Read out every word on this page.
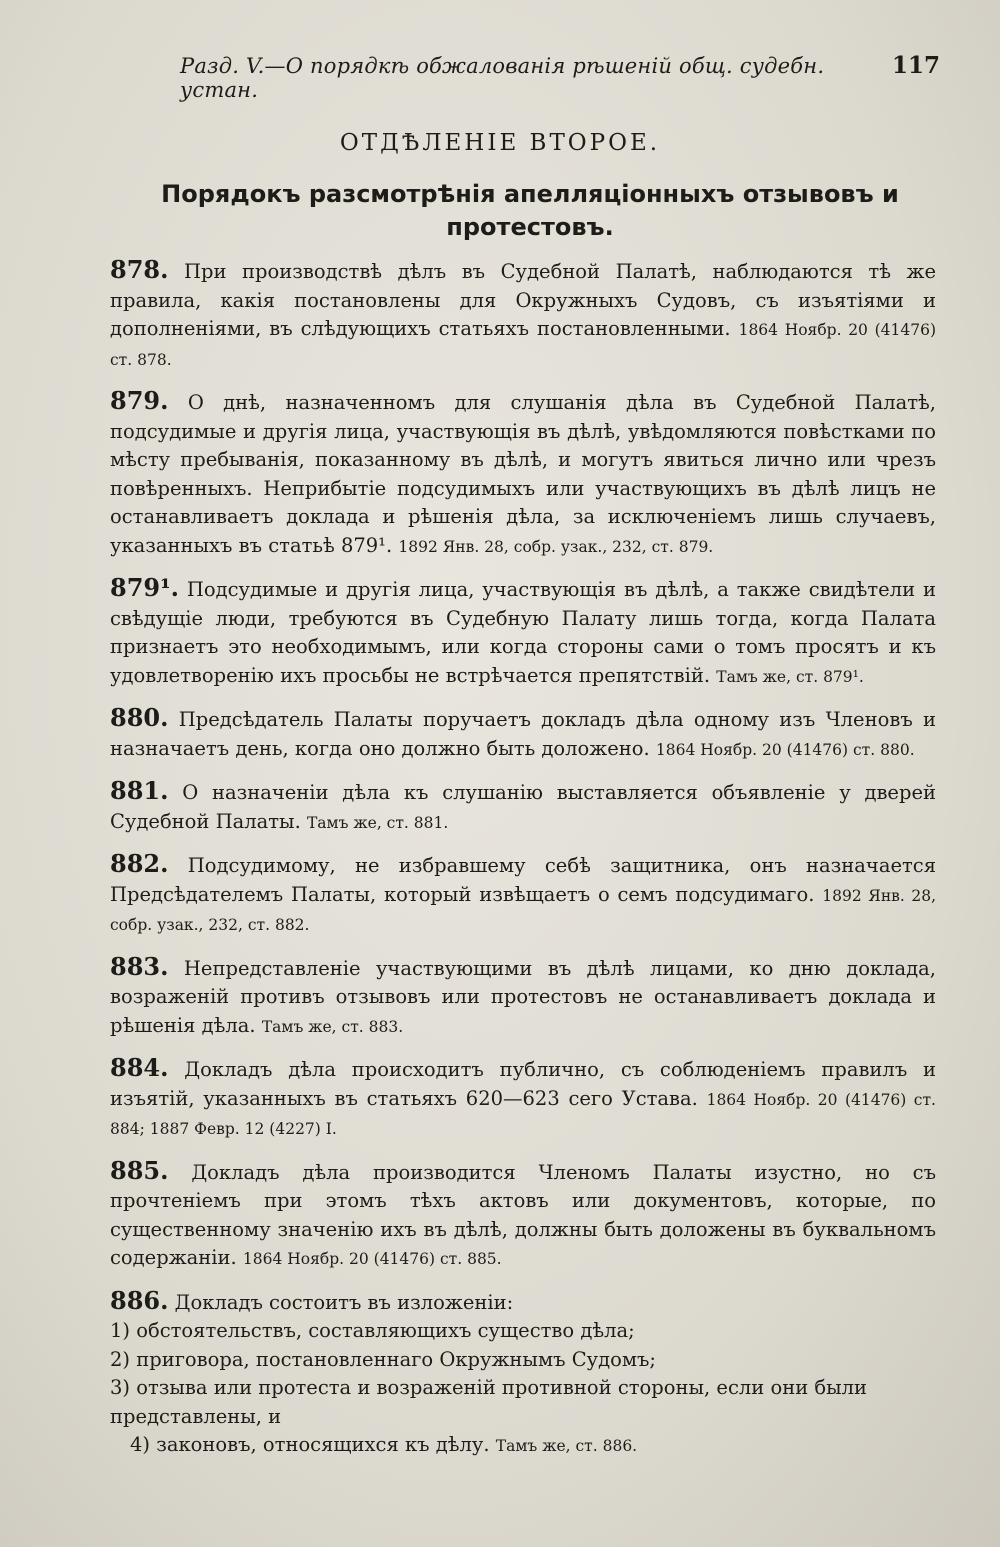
Разд. V.—О порядкѣ обжалованія рѣшеній общ. судебн. устан.
117
ОТДѢЛЕНІЕ ВТОРОЕ.
Порядокъ разсмотрѣнія апелляціонныхъ отзывовъ и
протестовъ.

878. При производствѣ дѣлъ въ Судебной Палатѣ, наблюдаются тѣ же правила, какія постановлены для Окружныхъ Судовъ, съ изъятіями и дополненіями, въ слѣдующихъ статьяхъ постановленными. 1864 Ноябр. 20 (41476) ст. 878.

879. О днѣ, назначенномъ для слушанія дѣла въ Судебной Палатѣ, подсудимые и другія лица, участвующія въ дѣлѣ, увѣдомляются повѣстками по мѣсту пребыванія, показанному въ дѣлѣ, и могутъ явиться лично или чрезъ повѣренныхъ. Неприбытіе подсудимыхъ или участвующихъ въ дѣлѣ лицъ не останавливаетъ доклада и рѣшенія дѣла, за исключеніемъ лишь случаевъ, указанныхъ въ статьѣ 879¹. 1892 Янв. 28, собр. узак., 232, ст. 879.

879¹. Подсудимые и другія лица, участвующія въ дѣлѣ, а также свидѣтели и свѣдущіе люди, требуются въ Судебную Палату лишь тогда, когда Палата признаетъ это необходимымъ, или когда стороны сами о томъ просятъ и къ удовлетворенію ихъ просьбы не встрѣчается препятствій. Тамъ же, ст. 879¹.

880. Предсѣдатель Палаты поручаетъ докладъ дѣла одному изъ Членовъ и назначаетъ день, когда оно должно быть доложено. 1864 Ноябр. 20 (41476) ст. 880.

881. О назначеніи дѣла къ слушанію выставляется объявленіе у дверей Судебной Палаты. Тамъ же, ст. 881.

882. Подсудимому, не избравшему себѣ защитника, онъ назначается Предсѣдателемъ Палаты, который извѣщаетъ о семъ подсудимаго. 1892 Янв. 28, собр. узак., 232, ст. 882.

883. Непредставленіе участвующими въ дѣлѣ лицами, ко дню доклада, возраженій противъ отзывовъ или протестовъ не останавливаетъ доклада и рѣшенія дѣла. Тамъ же, ст. 883.

884. Докладъ дѣла происходитъ публично, съ соблюденіемъ правилъ и изъятій, указанныхъ въ статьяхъ 620—623 сего Устава. 1864 Ноябр. 20 (41476) ст. 884; 1887 Февр. 12 (4227) I.

885. Докладъ дѣла производится Членомъ Палаты изустно, но съ прочтеніемъ при этомъ тѣхъ актовъ или документовъ, которые, по существенному значенію ихъ въ дѣлѣ, должны быть доложены въ буквальномъ содержаніи. 1864 Ноябр. 20 (41476) ст. 885.

886. Докладъ состоитъ въ изложеніи:

1) обстоятельствъ, составляющихъ существо дѣла;

2) приговора, постановленнаго Окружнымъ Судомъ;

3) отзыва или протеста и возраженій противной стороны, если они были представлены, и

4) законовъ, относящихся къ дѣлу. Тамъ же, ст. 886.
